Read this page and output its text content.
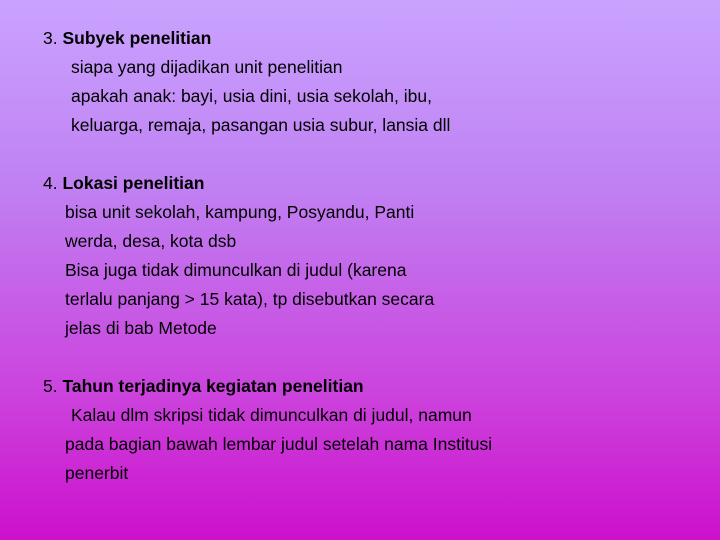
3. Subyek penelitian
siapa yang dijadikan unit penelitian
apakah anak: bayi, usia dini, usia sekolah, ibu,
keluarga, remaja, pasangan usia subur, lansia dll
4. Lokasi penelitian
bisa unit sekolah, kampung, Posyandu, Panti
werda, desa, kota dsb
Bisa juga tidak dimunculkan di judul (karena
terlalu panjang > 15 kata), tp disebutkan secara
jelas di bab Metode
5. Tahun terjadinya kegiatan penelitian
Kalau dlm skripsi tidak dimunculkan di judul, namun
pada bagian bawah lembar judul setelah nama Institusi
penerbit
